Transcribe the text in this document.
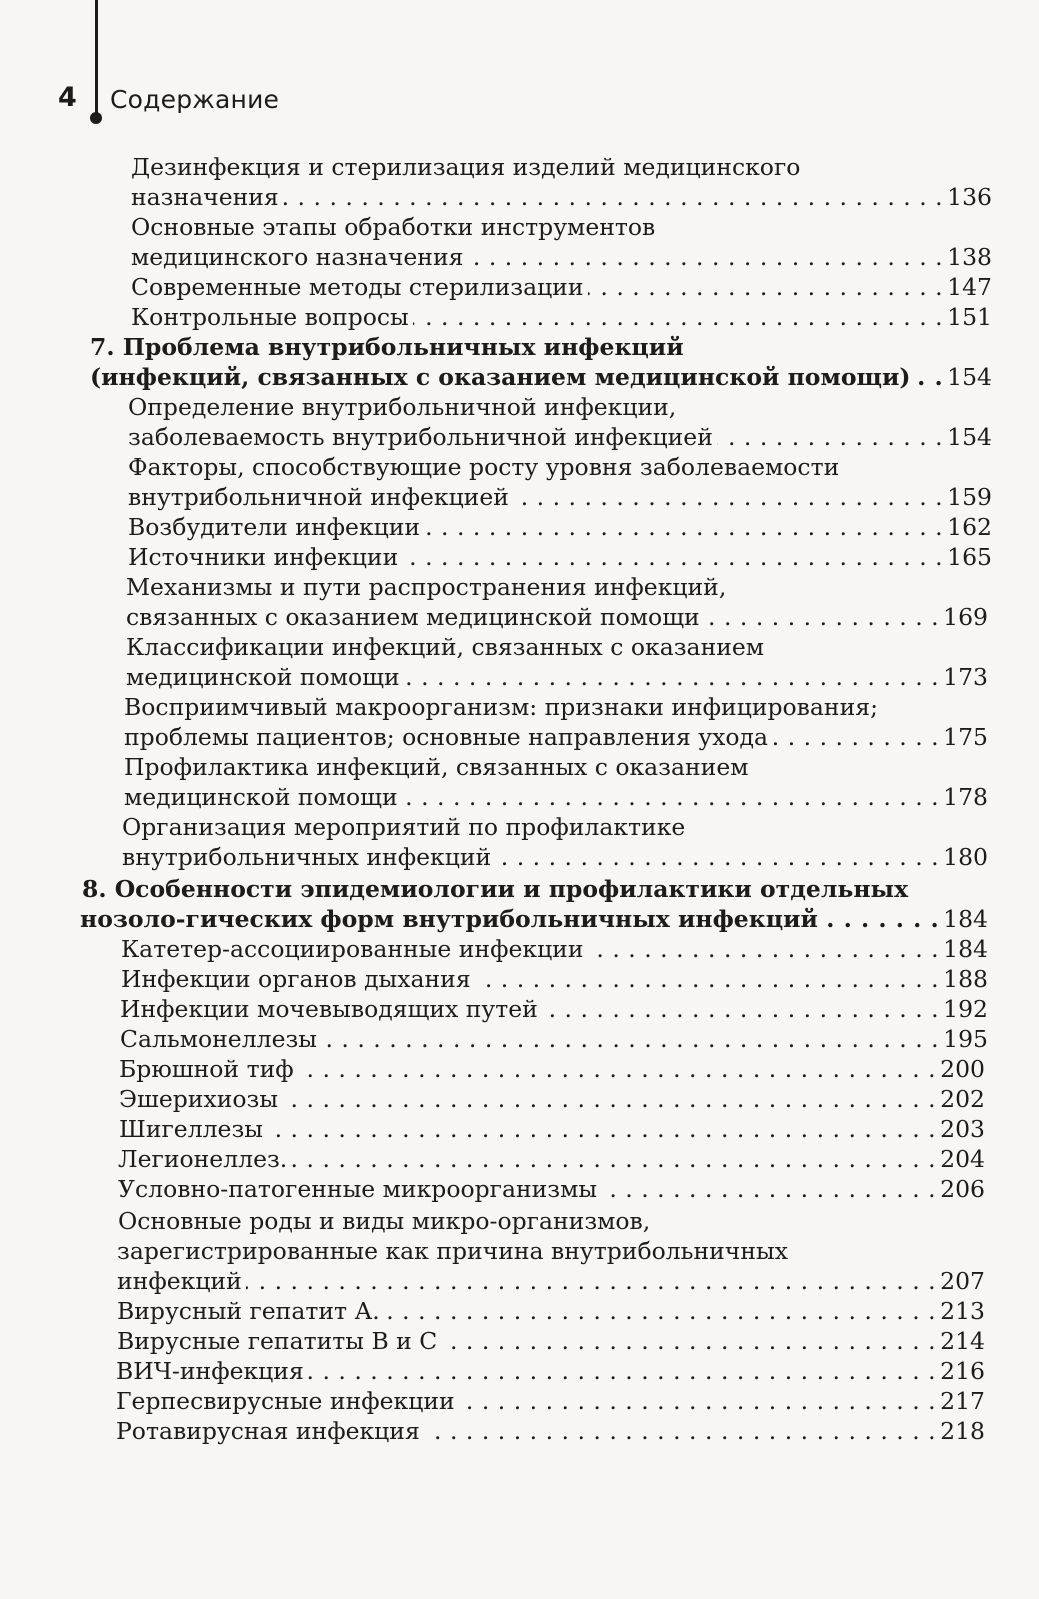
4 Содержание
Дезинфекция и стерилизация изделий медицинского
назначения . . .	136
Основные этапы обработки инструментов
медицинского назначения . . .	138
Современные методы стерилизации . . .	147
Контрольные вопросы . . .	151
7. Проблема внутрибольничных инфекций
(инфекций, связанных с оказанием медицинской помощи) . . . 154
Определение внутрибольничной инфекции,
заболеваемость внутрибольничной инфекцией . . .	154
Факторы, способствующие росту уровня заболеваемости
внутрибольничной инфекцией . . .	159
Возбудители инфекции . . .	162
Источники инфекции . . .	165
Механизмы и пути распространения инфекций,
связанных с оказанием медицинской помощи . . .	169
Классификации инфекций, связанных с оказанием
медицинской помощи . . .	173
Восприимчивый макроорганизм: признаки инфицирования;
проблемы пациентов; основные направления ухода . . .	175
Профилактика инфекций, связанных с оказанием
медицинской помощи . . .	178
Организация мероприятий по профилактике
внутрибольничных инфекций . . .	180
8. Особенности эпидемиологии и профилактики отдельных
нозоло-гических форм внутрибольничных инфекций . . .	184
Катетер-ассоциированные инфекции . . .	184
Инфекции органов дыхания . . .	188
Инфекции мочевыводящих путей . . .	192
Сальмонеллезы . . .	195
Брюшной тиф . . .	200
Эшерихиозы . . .	202
Шигеллезы . . .	203
Легионеллез. . . .	204
Условно-патогенные микроорганизмы . . .	206
Основные роды и виды микро-организмов,
зарегистрированные как причина внутрибольничных
инфекций . . .	207
Вирусный гепатит А. . . .	213
Вирусные гепатиты В и С . . .	214
ВИЧ-инфекция . . .	216
Герпесвирусные инфекции . . .	217
Ротавирусная инфекция . . .	218
